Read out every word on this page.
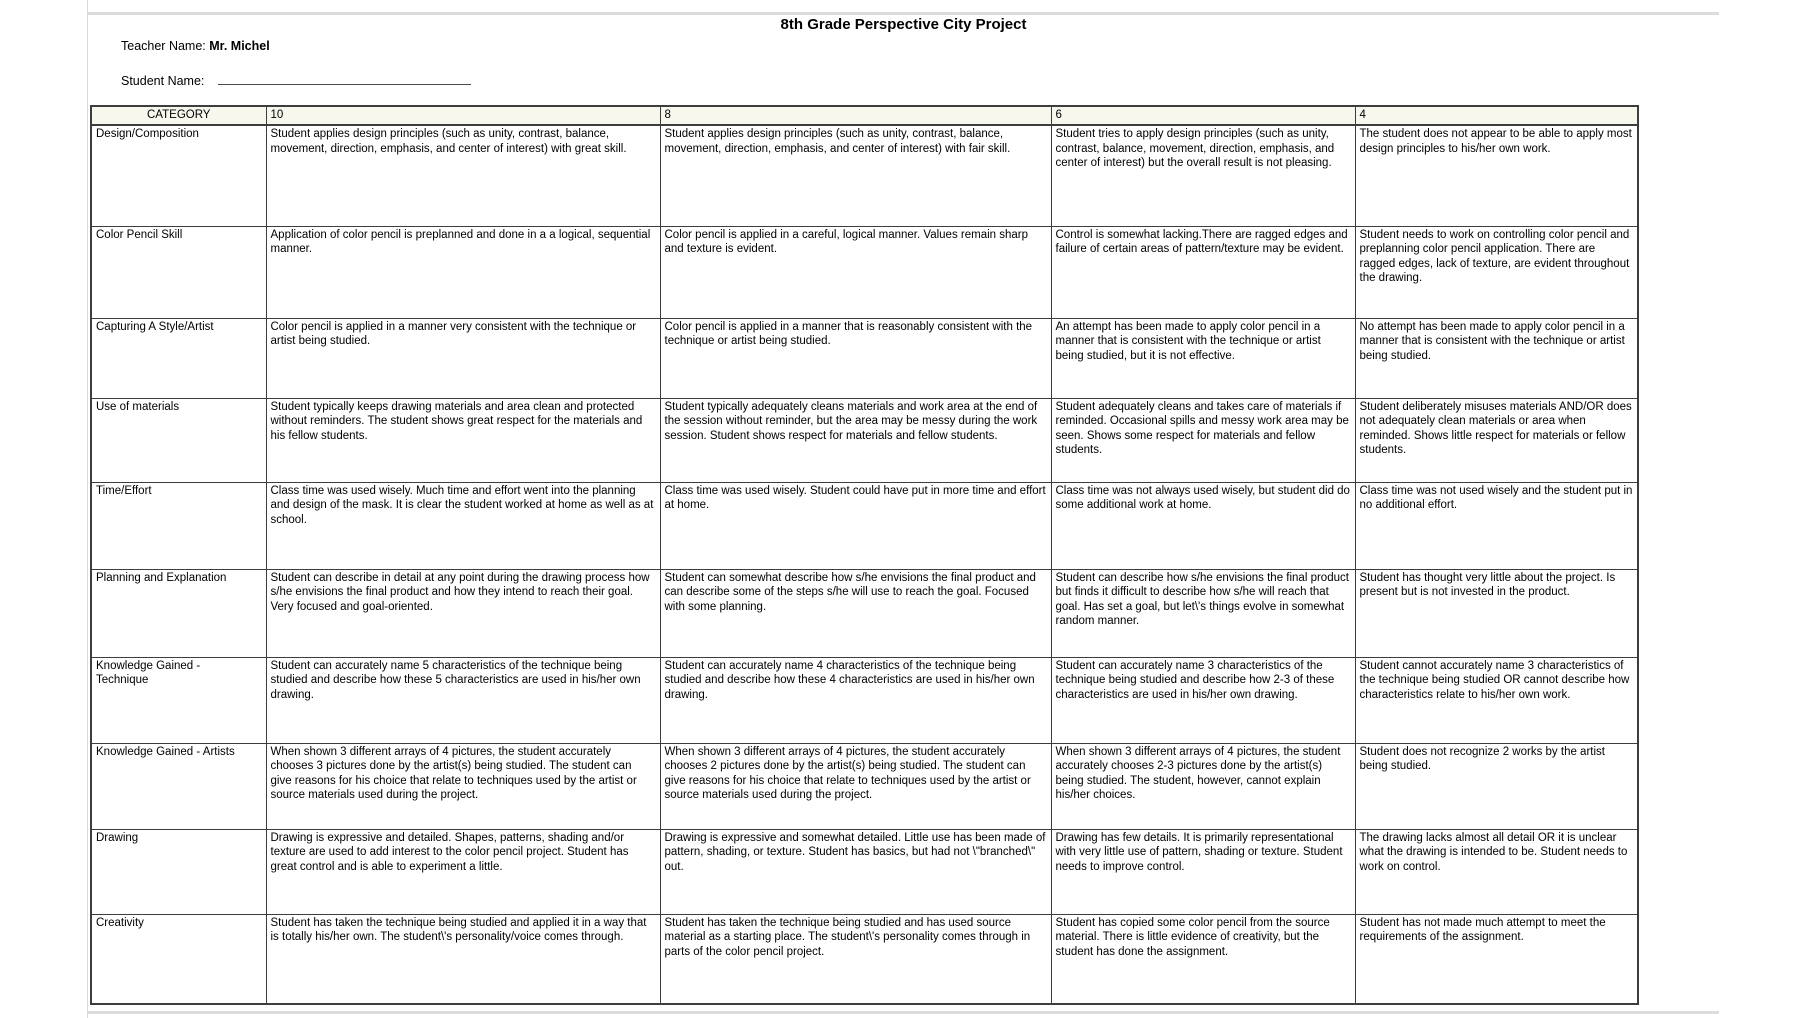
8th Grade Perspective City Project
Teacher Name: Mr. Michel
Student Name:
CATEGORY	10	8	6	4
Design/Composition	Student applies design principles (such as unity, contrast, balance, movement, direction, emphasis, and center of interest) with great skill.	Student applies design principles (such as unity, contrast, balance, movement, direction, emphasis, and center of interest) with fair skill.	Student tries to apply design principles (such as unity, contrast, balance, movement, direction, emphasis, and center of interest) but the overall result is not pleasing.	The student does not appear to be able to apply most design principles to his/her own work.
Color Pencil Skill	Application of color pencil is preplanned and done in a a logical, sequential manner.	Color pencil is applied in a careful, logical manner. Values remain sharp and texture is evident.	Control is somewhat lacking.There are ragged edges and failure of certain areas of pattern/texture may be evident.	Student needs to work on controlling color pencil and preplanning color pencil application. There are ragged edges, lack of texture, are evident throughout the drawing.
Capturing A Style/Artist	Color pencil is applied in a manner very consistent with the technique or artist being studied.	Color pencil is applied in a manner that is reasonably consistent with the technique or artist being studied.	An attempt has been made to apply color pencil in a manner that is consistent with the technique or artist being studied, but it is not effective.	No attempt has been made to apply color pencil in a manner that is consistent with the technique or artist being studied.
Use of materials	Student typically keeps drawing materials and area clean and protected without reminders. The student shows great respect for the materials and his fellow students.	Student typically adequately cleans materials and work area at the end of the session without reminder, but the area may be messy during the work session. Student shows respect for materials and fellow students.	Student adequately cleans and takes care of materials if reminded. Occasional spills and messy work area may be seen. Shows some respect for materials and fellow students.	Student deliberately misuses materials AND/OR does not adequately clean materials or area when reminded. Shows little respect for materials or fellow students.
Time/Effort	Class time was used wisely. Much time and effort went into the planning and design of the mask. It is clear the student worked at home as well as at school.	Class time was used wisely. Student could have put in more time and effort at home.	Class time was not always used wisely, but student did do some additional work at home.	Class time was not used wisely and the student put in no additional effort.
Planning and Explanation	Student can describe in detail at any point during the drawing process how s/he envisions the final product and how they intend to reach their goal. Very focused and goal-oriented.	Student can somewhat describe how s/he envisions the final product and can describe some of the steps s/he will use to reach the goal. Focused with some planning.	Student can describe how s/he envisions the final product but finds it difficult to describe how s/he will reach that goal. Has set a goal, but let\'s things evolve in somewhat random manner.	Student has thought very little about the project. Is present but is not invested in the product.
Knowledge Gained - Technique	Student can accurately name 5 characteristics of the technique being studied and describe how these 5 characteristics are used in his/her own drawing.	Student can accurately name 4 characteristics of the technique being studied and describe how these 4 characteristics are used in his/her own drawing.	Student can accurately name 3 characteristics of the technique being studied and describe how 2-3 of these characteristics are used in his/her own drawing.	Student cannot accurately name 3 characteristics of the technique being studied OR cannot describe how characteristics relate to his/her own work.
Knowledge Gained - Artists	When shown 3 different arrays of 4 pictures, the student accurately chooses 3 pictures done by the artist(s) being studied. The student can give reasons for his choice that relate to techniques used by the artist or source materials used during the project.	When shown 3 different arrays of 4 pictures, the student accurately chooses 2 pictures done by the artist(s) being studied. The student can give reasons for his choice that relate to techniques used by the artist or source materials used during the project.	When shown 3 different arrays of 4 pictures, the student accurately chooses 2-3 pictures done by the artist(s) being studied. The student, however, cannot explain his/her choices.	Student does not recognize 2 works by the artist being studied.
Drawing	Drawing is expressive and detailed. Shapes, patterns, shading and/or texture are used to add interest to the color pencil project. Student has great control and is able to experiment a little.	Drawing is expressive and somewhat detailed. Little use has been made of pattern, shading, or texture. Student has basics, but had not \"branched\" out.	Drawing has few details. It is primarily representational with very little use of pattern, shading or texture. Student needs to improve control.	The drawing lacks almost all detail OR it is unclear what the drawing is intended to be. Student needs to work on control.
Creativity	Student has taken the technique being studied and applied it in a way that is totally his/her own. The student\'s personality/voice comes through.	Student has taken the technique being studied and has used source material as a starting place. The student\'s personality comes through in parts of the color pencil project.	Student has copied some color pencil from the source material. There is little evidence of creativity, but the student has done the assignment.	Student has not made much attempt to meet the requirements of the assignment.
